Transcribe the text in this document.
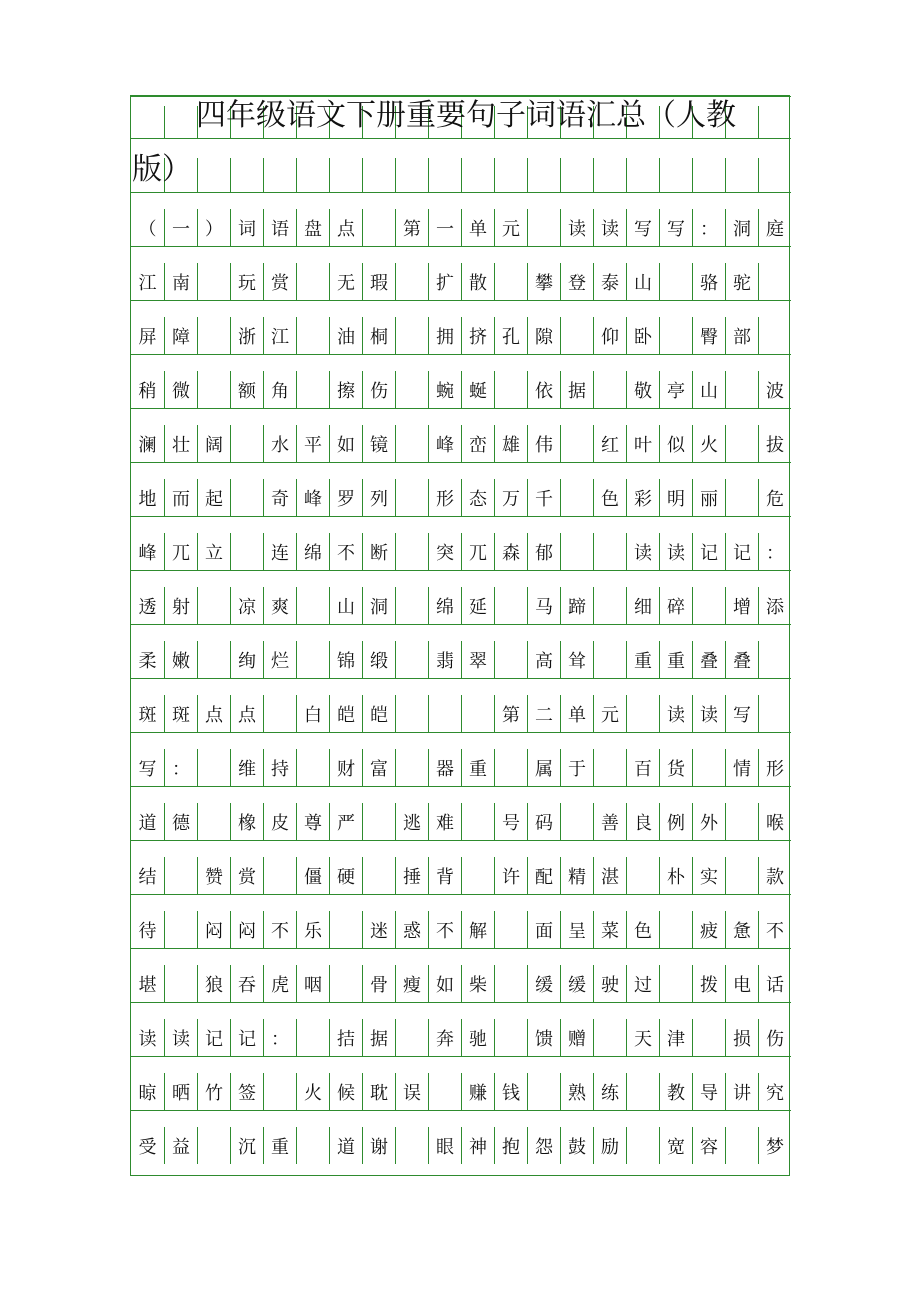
（ 一 ） 词 语 盘 点	第 一 单 元	读 读 写 写 ： 洞 庭
江 南	玩 赏	无 瑕	扩 散	攀 登 泰 山	骆 驼
屏 障	浙 江	油 桐	拥 挤 孔 隙	仰 卧	臀 部
稍 微	额 角	擦 伤	蜿 蜒	依 据	敬 亭 山	波
澜 壮 阔	水 平 如 镜	峰 峦 雄 伟	红 叶 似 火	拔
地 而 起	奇 峰 罗 列	形 态 万 千	色 彩 明 丽	危
峰 兀 立	连 绵 不 断	突 兀 森 郁	读 读 记 记 ：
透 射	凉 爽	山 洞	绵 延	马 蹄	细 碎	增 添
柔 嫩	绚 烂	锦 缎	翡 翠	高 耸	重 重 叠 叠
斑 斑 点 点	白 皑 皑	第 二 单 元	读 读 写
写 ：	维 持	财 富	器 重	属 于	百 货	情 形
道 德	橡 皮 尊 严	逃 难	号 码	善 良 例 外	喉
结	赞 赏	僵 硬	捶 背	许 配 精 湛	朴 实	款
待	闷 闷 不 乐	迷 惑 不 解	面 呈 菜 色	疲 惫 不
堪	狼 吞 虎 咽	骨 瘦 如 柴	缓 缓 驶 过	拨 电 话
读 读 记 记 ：	拮 据	奔 驰	馈 赠	天 津	损 伤
晾 晒 竹 签	火 候 耽 误	赚 钱	熟 练	教 导 讲 究
受 益	沉 重	道 谢	眼 神 抱 怨 鼓 励	宽 容	梦
四年级语文下册重要句子词语汇总（人教
版）
